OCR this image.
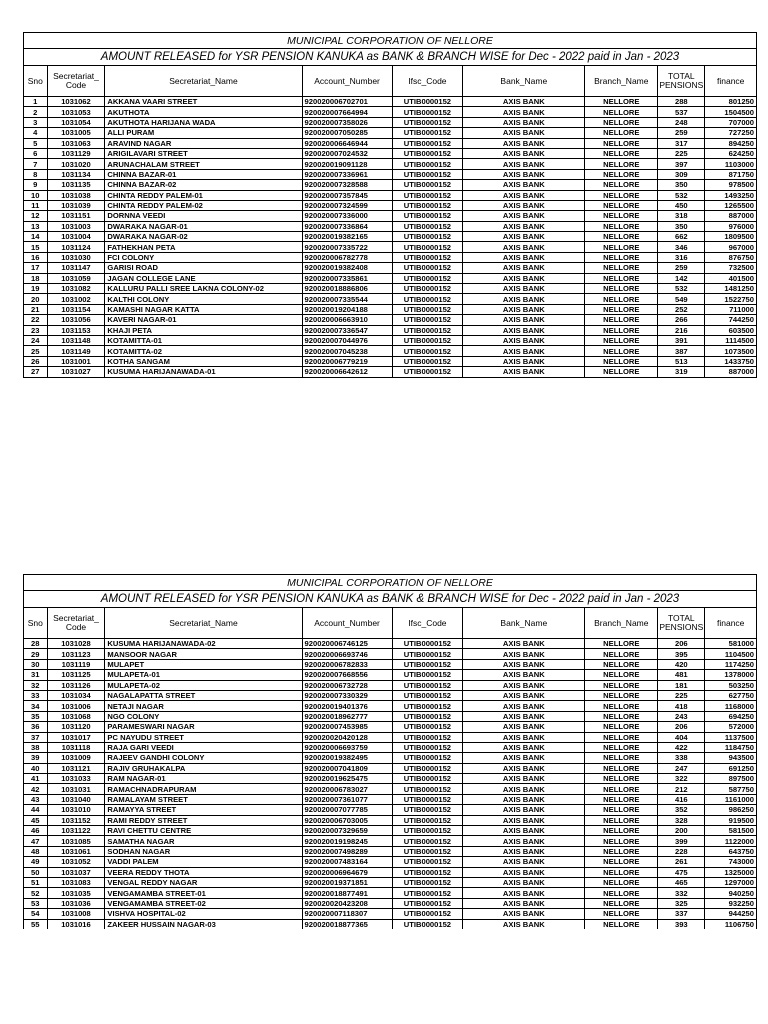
MUNICIPAL CORPORATION OF NELLORE								
AMOUNT RELEASED for YSR PENSION KANUKA as BANK & BRANCH WISE for Dec - 2022 paid in Jan - 2023								
Sno	Secretariat_ Code	Secretariat_Name	Account_Number	Ifsc_Code	Bank_Name	Branch_Name	TOTAL PENSIONS	finance
1	1031062	AKKANA VAARI STREET	920020006702701	UTIB0000152	AXIS BANK	NELLORE	288	801250
2	1031053	AKUTHOTA	920020007664994	UTIB0000152	AXIS BANK	NELLORE	537	1504500
3	1031054	AKUTHOTA HARIJANA WADA	920020007358026	UTIB0000152	AXIS BANK	NELLORE	248	707000
4	1031005	ALLI PURAM	920020007050285	UTIB0000152	AXIS BANK	NELLORE	259	727250
5	1031063	ARAVIND NAGAR	920020006646944	UTIB0000152	AXIS BANK	NELLORE	317	894250
6	1031129	ARIGILAVARI STREET	920020007024532	UTIB0000152	AXIS BANK	NELLORE	225	624250
7	1031020	ARUNACHALAM STREET	920020019091128	UTIB0000152	AXIS BANK	NELLORE	397	1103000
8	1031134	CHINNA BAZAR-01	920020007336961	UTIB0000152	AXIS BANK	NELLORE	309	871750
9	1031135	CHINNA BAZAR-02	920020007328588	UTIB0000152	AXIS BANK	NELLORE	350	978500
10	1031038	CHINTA REDDY PALEM-01	920020007357845	UTIB0000152	AXIS BANK	NELLORE	532	1493250
11	1031039	CHINTA REDDY PALEM-02	920020007324599	UTIB0000152	AXIS BANK	NELLORE	450	1265500
12	1031151	DORNNA VEEDI	920020007336000	UTIB0000152	AXIS BANK	NELLORE	318	887000
13	1031003	DWARAKA NAGAR-01	920020007336864	UTIB0000152	AXIS BANK	NELLORE	350	976000
14	1031004	DWARAKA NAGAR-02	920020019382165	UTIB0000152	AXIS BANK	NELLORE	662	1809500
15	1031124	FATHEKHAN PETA	920020007335722	UTIB0000152	AXIS BANK	NELLORE	346	967000
16	1031030	FCI COLONY	920020006782778	UTIB0000152	AXIS BANK	NELLORE	316	876750
17	1031147	GARISI ROAD	920020019382408	UTIB0000152	AXIS BANK	NELLORE	259	732500
18	1031059	JAGAN COLLEGE LANE	920020007335861	UTIB0000152	AXIS BANK	NELLORE	142	401500
19	1031082	KALLURU PALLI SREE LAKNA COLONY-02	920020018886806	UTIB0000152	AXIS BANK	NELLORE	532	1481250
20	1031002	KALTHI COLONY	920020007335544	UTIB0000152	AXIS BANK	NELLORE	549	1522750
21	1031154	KAMASHI NAGAR KATTA	920020019204188	UTIB0000152	AXIS BANK	NELLORE	252	711000
22	1031056	KAVERI NAGAR-01	920020006663910	UTIB0000152	AXIS BANK	NELLORE	266	744250
23	1031153	KHAJI PETA	920020007336547	UTIB0000152	AXIS BANK	NELLORE	216	603500
24	1031148	KOTAMITTA-01	920020007044976	UTIB0000152	AXIS BANK	NELLORE	391	1114500
25	1031149	KOTAMITTA-02	920020007045238	UTIB0000152	AXIS BANK	NELLORE	387	1073500
26	1031001	KOTHA SANGAM	920020006779219	UTIB0000152	AXIS BANK	NELLORE	513	1433750
27	1031027	KUSUMA HARIJANAWADA-01	920020006642612	UTIB0000152	AXIS BANK	NELLORE	319	887000
MUNICIPAL CORPORATION OF NELLORE								
AMOUNT RELEASED for YSR PENSION KANUKA as BANK & BRANCH WISE for Dec - 2022 paid in Jan - 2023								
Sno	Secretariat_ Code	Secretariat_Name	Account_Number	Ifsc_Code	Bank_Name	Branch_Name	TOTAL PENSIONS	finance
28	1031028	KUSUMA HARIJANAWADA-02	920020006746125	UTIB0000152	AXIS BANK	NELLORE	206	581000
29	1031123	MANSOOR NAGAR	920020006693746	UTIB0000152	AXIS BANK	NELLORE	395	1104500
30	1031119	MULAPET	920020006782833	UTIB0000152	AXIS BANK	NELLORE	420	1174250
31	1031125	MULAPETA-01	920020007668556	UTIB0000152	AXIS BANK	NELLORE	481	1378000
32	1031126	MULAPETA-02	920020006732728	UTIB0000152	AXIS BANK	NELLORE	181	503250
33	1031034	NAGALAPATTA STREET	920020007330329	UTIB0000152	AXIS BANK	NELLORE	225	627750
34	1031006	NETAJI NAGAR	920020019401376	UTIB0000152	AXIS BANK	NELLORE	418	1168000
35	1031068	NGO COLONY	920020018962777	UTIB0000152	AXIS BANK	NELLORE	243	694250
36	1031120	PARAMESWARI NAGAR	920020007453985	UTIB0000152	AXIS BANK	NELLORE	206	572000
37	1031017	PC NAYUDU STREET	920020020420128	UTIB0000152	AXIS BANK	NELLORE	404	1137500
38	1031118	RAJA GARI VEEDI	920020006693759	UTIB0000152	AXIS BANK	NELLORE	422	1184750
39	1031009	RAJEEV GANDHI COLONY	920020019382495	UTIB0000152	AXIS BANK	NELLORE	338	943500
40	1031121	RAJIV GRUHAKALPA	920020007041809	UTIB0000152	AXIS BANK	NELLORE	247	691250
41	1031033	RAM NAGAR-01	920020019625475	UTIB0000152	AXIS BANK	NELLORE	322	897500
42	1031031	RAMACHNADRAPURAM	920020006783027	UTIB0000152	AXIS BANK	NELLORE	212	587750
43	1031040	RAMALAYAM STREET	920020007361077	UTIB0000152	AXIS BANK	NELLORE	416	1161000
44	1031010	RAMAYYA STREET	920020007077785	UTIB0000152	AXIS BANK	NELLORE	352	986250
45	1031152	RAMI REDDY STREET	920020006703005	UTIB0000152	AXIS BANK	NELLORE	328	919500
46	1031122	RAVI CHETTU CENTRE	920020007329659	UTIB0000152	AXIS BANK	NELLORE	200	581500
47	1031085	SAMATHA NAGAR	920020019198245	UTIB0000152	AXIS BANK	NELLORE	399	1122000
48	1031061	SODHAN NAGAR	920020007498289	UTIB0000152	AXIS BANK	NELLORE	228	643750
49	1031052	VADDI PALEM	920020007483164	UTIB0000152	AXIS BANK	NELLORE	261	743000
50	1031037	VEERA REDDY THOTA	920020006964679	UTIB0000152	AXIS BANK	NELLORE	475	1325000
51	1031083	VENGAL REDDY NAGAR	920020019371851	UTIB0000152	AXIS BANK	NELLORE	465	1297000
52	1031035	VENGAMAMBA STREET-01	920020018877491	UTIB0000152	AXIS BANK	NELLORE	332	940250
53	1031036	VENGAMAMBA STREET-02	920020020423208	UTIB0000152	AXIS BANK	NELLORE	325	932250
54	1031008	VISHVA HOSPITAL-02	920020007118307	UTIB0000152	AXIS BANK	NELLORE	337	944250
55	1031016	ZAKEER HUSSAIN NAGAR-03	920020018877365	UTIB0000152	AXIS BANK	NELLORE	393	1106750
